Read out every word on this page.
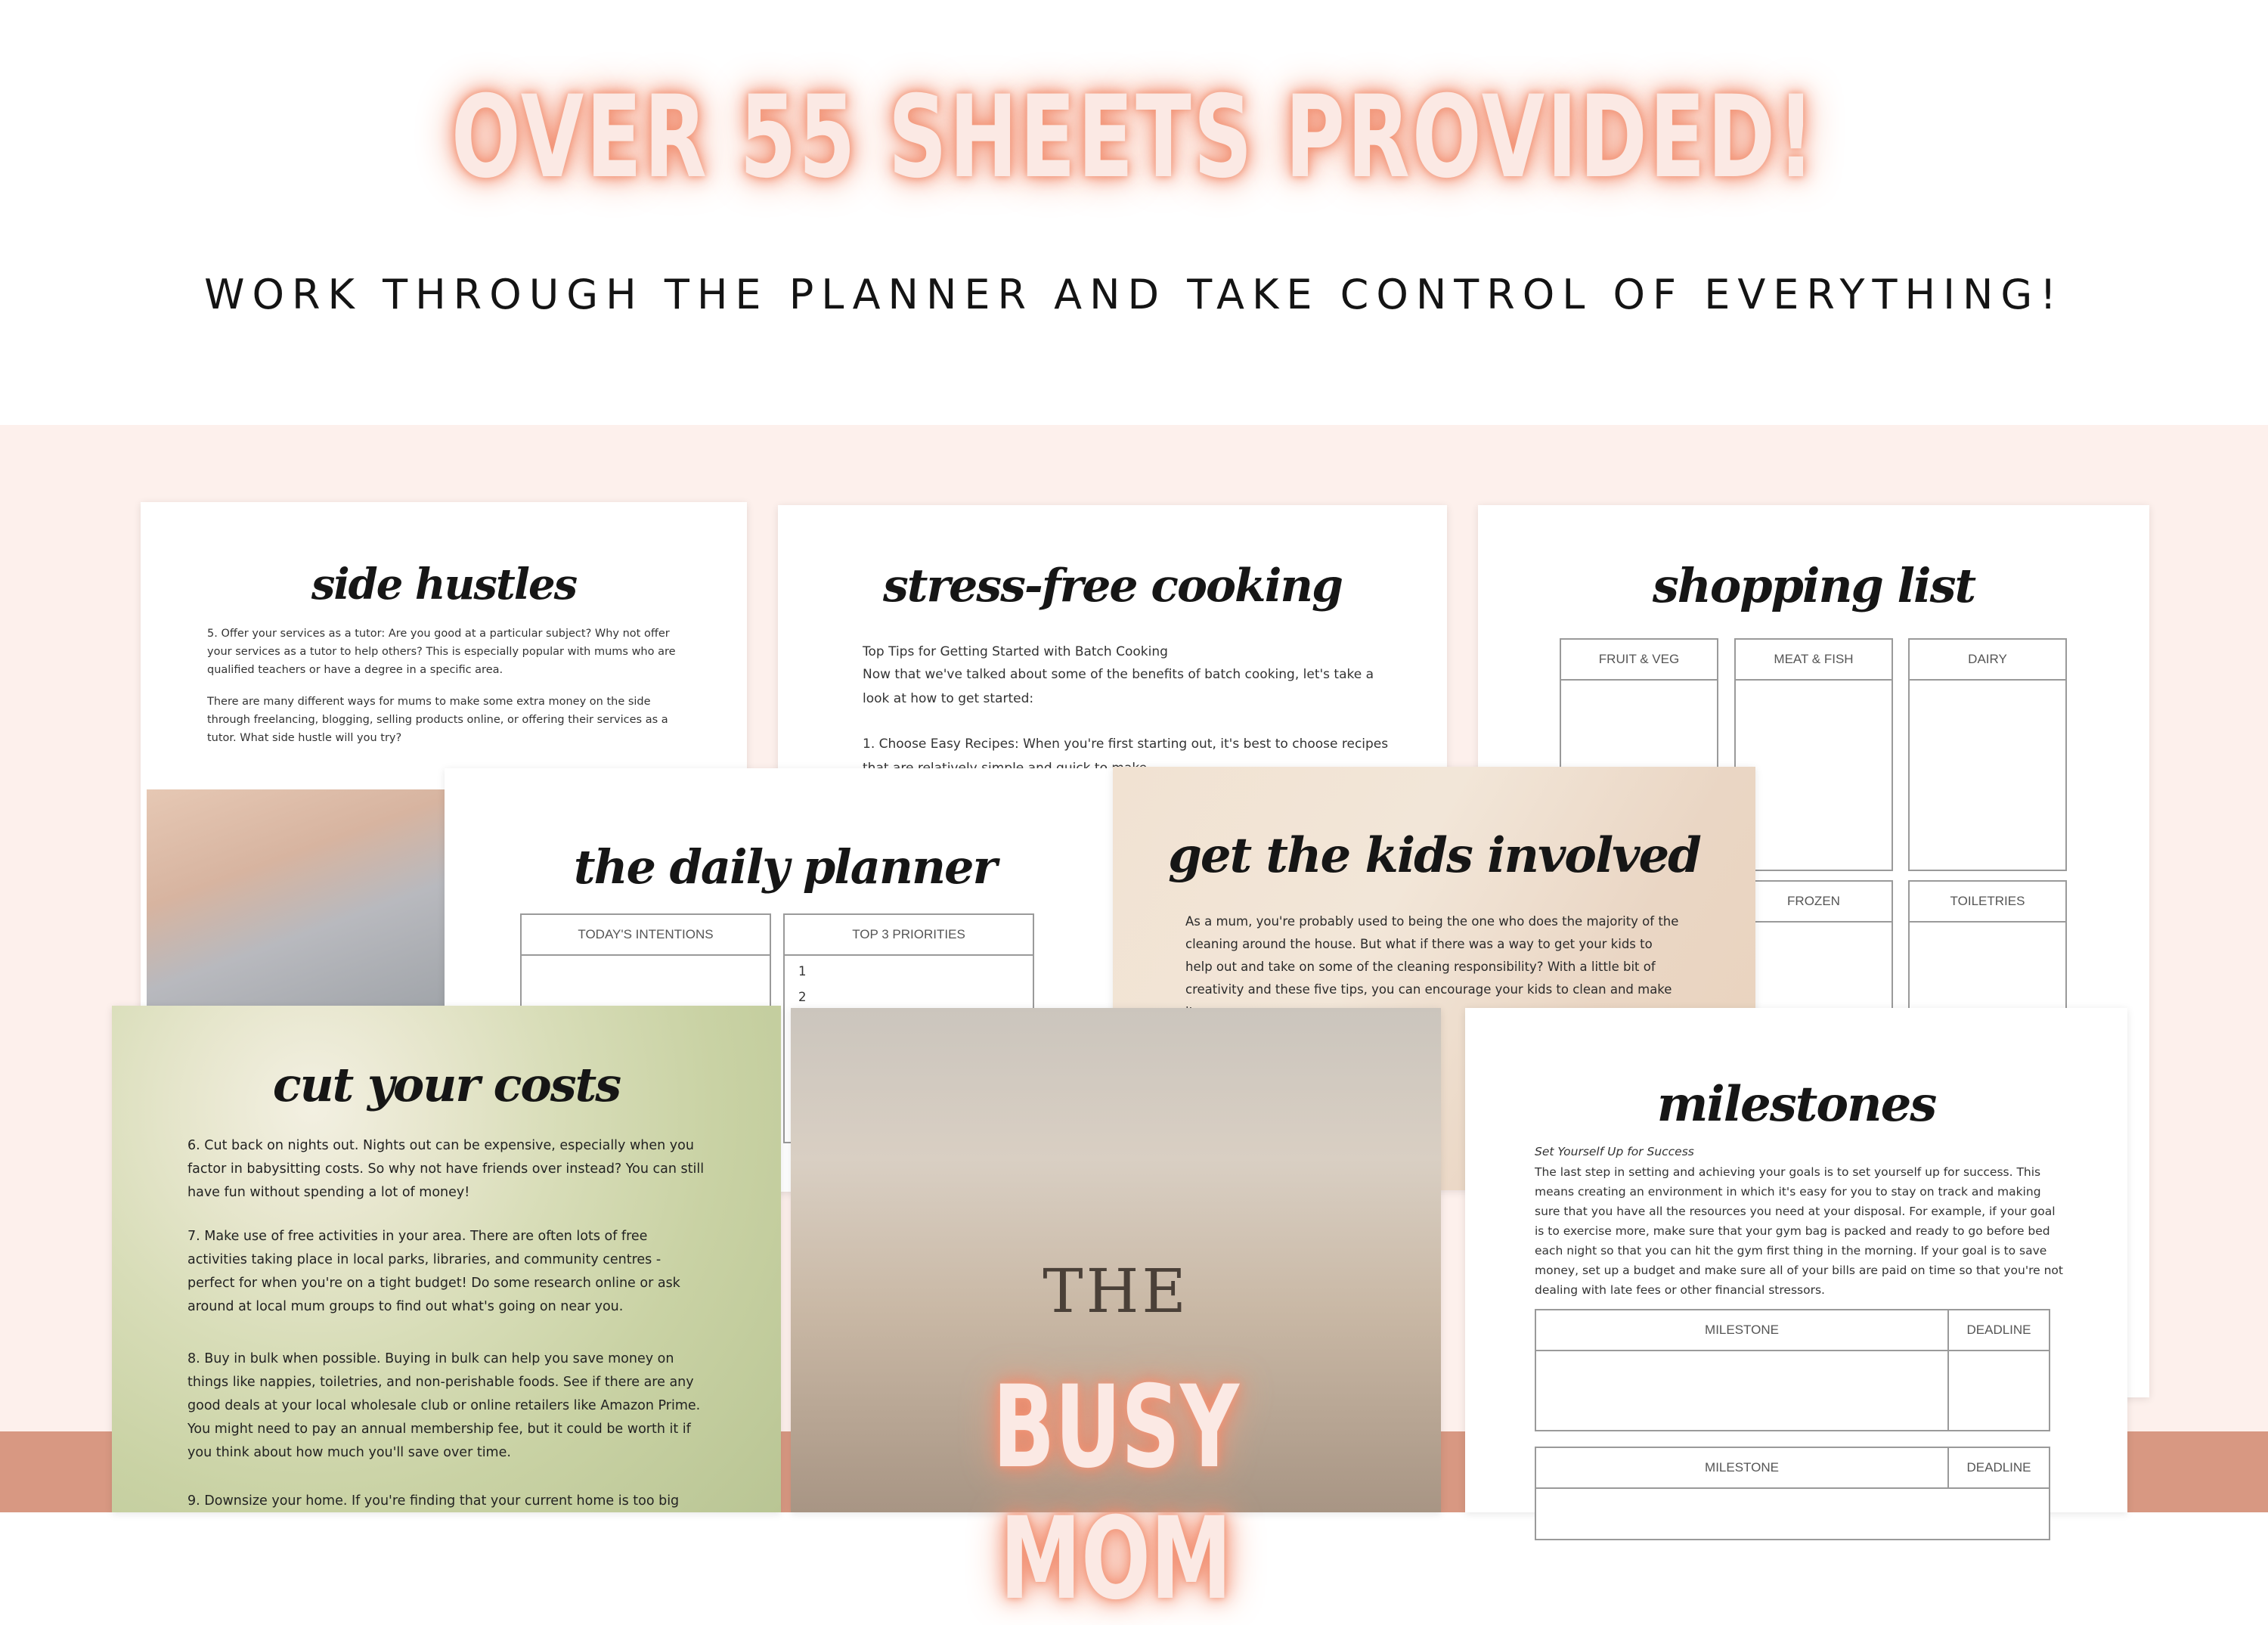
OVER 55 SHEETS PROVIDED!
WORK THROUGH THE PLANNER AND TAKE CONTROL OF EVERYTHING!
shopping list
FRUIT & VEG	MEAT & FISH	DAIRY
FROZEN	TOILETRIES
side hustles
5. Offer your services as a tutor: Are you good at a particular subject? Why not offer your services as a tutor to help others? This is especially popular with mums who are qualified teachers or have a degree in a specific area.
There are many different ways for mums to make some extra money on the side through freelancing, blogging, selling products online, or offering their services as a tutor. What side hustle will you try?
stress-free cooking
Top Tips for Getting Started with Batch Cooking
Now that we've talked about some of the benefits of batch cooking, let's take a look at how to get started:
1. Choose Easy Recipes: When you're first starting out, it's best to choose recipes
the daily planner
TODAY'S INTENTIONS	TOP 3 PRIORITIES
1
2
get the kids involved
As a mum, you're probably used to being the one who does the majority of the cleaning around the house. But what if there was a way to get your kids to help out and take on some of the cleaning responsibility? With a little bit of creativity and these five tips, you can encourage your kids to clean and make
cut your costs
6. Cut back on nights out. Nights out can be expensive, especially when you factor in babysitting costs. So why not have friends over instead? You can still have fun without spending a lot of money!
7. Make use of free activities in your area. There are often lots of free activities taking place in local parks, libraries, and community centres - perfect for when you're on a tight budget! Do some research online or ask around at local mum groups to find out what's going on near you.
8. Buy in bulk when possible. Buying in bulk can help you save money on things like nappies, toiletries, and non-perishable foods. See if there are any good deals at your local wholesale club or online retailers like Amazon Prime. You might need to pay an annual membership fee, but it could be worth it if you think about how much you'll save over time.
9. Downsize your home. If you're finding that your current home is too big
THE
BUSY MOM
milestones
Set Yourself Up for Success
The last step in setting and achieving your goals is to set yourself up for success. This means creating an environment in which it's easy for you to stay on track and making sure that you have all the resources you need at your disposal. For example, if your goal is to exercise more, make sure that your gym bag is packed and ready to go before bed each night so that you can hit the gym first thing in the morning. If your goal is to save money, set up a budget and make sure all of your bills are paid on time so that you're not dealing with late fees or other financial stressors.
MILESTONE	DEADLINE
MILESTONE	DEADLINE
